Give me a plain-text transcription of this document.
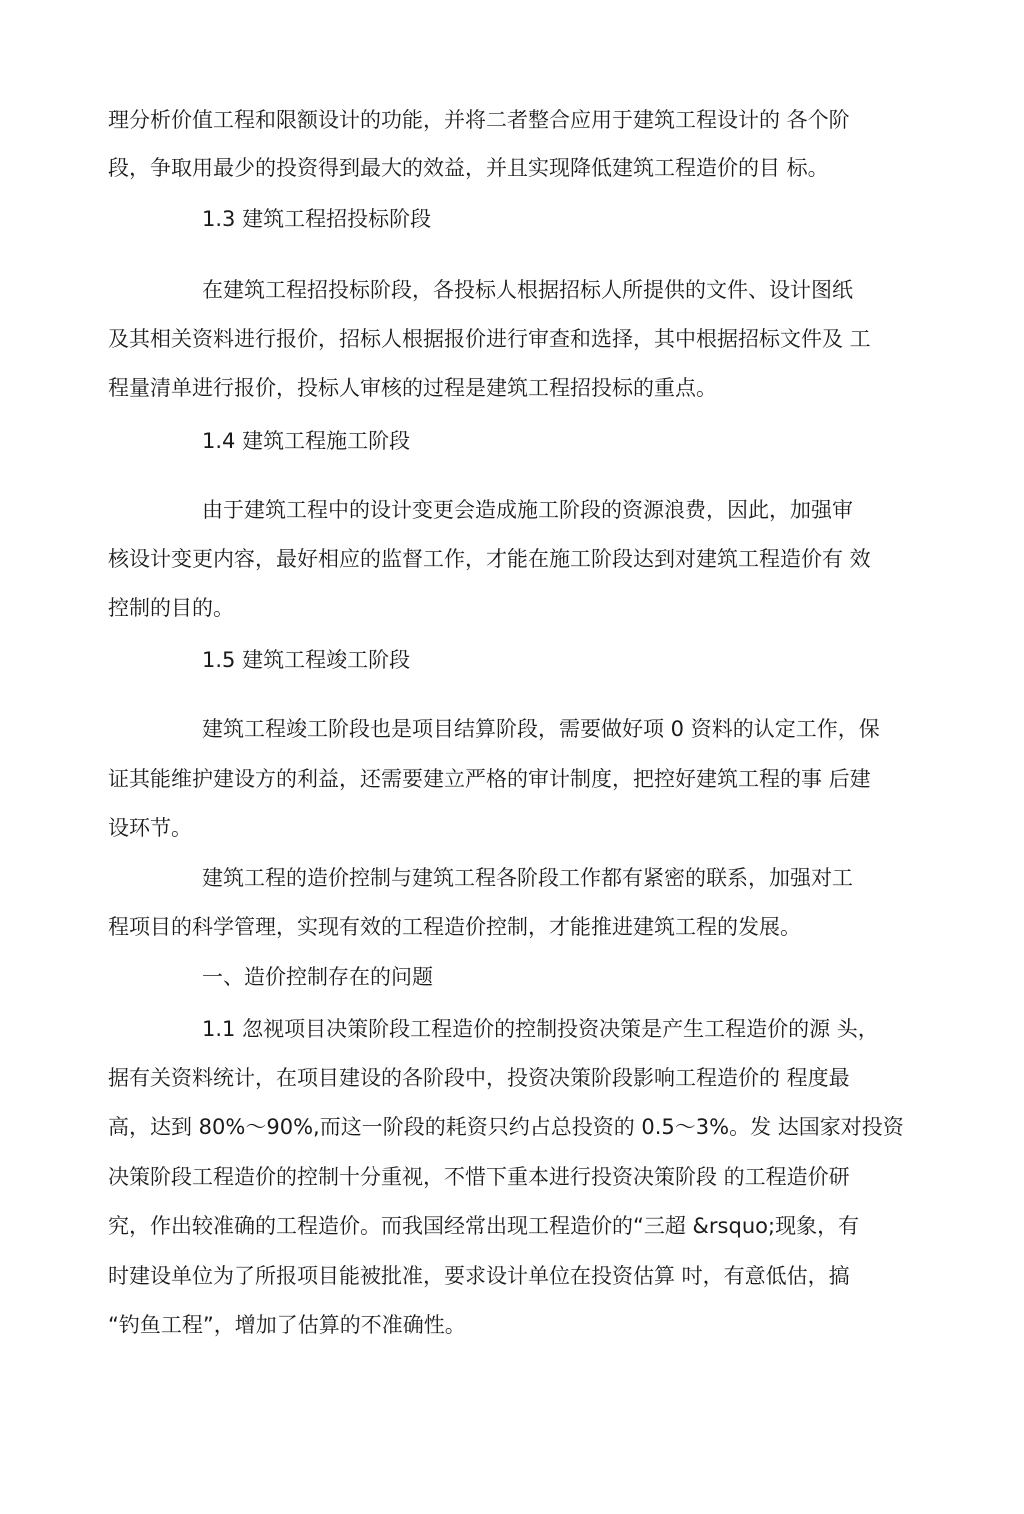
理分析价值工程和限额设计的功能，并将二者整合应用于建筑工程设计的 各个阶
段，争取用最少的投资得到最大的效益，并且实现降低建筑工程造价的目 标。
1.3 建筑工程招投标阶段
在建筑工程招投标阶段，各投标人根据招标人所提供的文件、设计图纸
及其相关资料进行报价，招标人根据报价进行审查和选择，其中根据招标文件及 工
程量清单进行报价，投标人审核的过程是建筑工程招投标的重点。
1.4 建筑工程施工阶段
由于建筑工程中的设计变更会造成施工阶段的资源浪费，因此，加强审
核设计变更内容，最好相应的监督工作，才能在施工阶段达到对建筑工程造价有 效
控制的目的。
1.5 建筑工程竣工阶段
建筑工程竣工阶段也是项目结算阶段，需要做好项 0 资料的认定工作，保
证其能维护建设方的利益，还需要建立严格的审计制度，把控好建筑工程的事 后建
设环节。
建筑工程的造价控制与建筑工程各阶段工作都有紧密的联系，加强对工
程项目的科学管理，实现有效的工程造价控制，才能推进建筑工程的发展。
一、造价控制存在的问题
1.1 忽视项目决策阶段工程造价的控制投资决策是产生工程造价的源 头，
据有关资料统计，在项目建设的各阶段中，投资决策阶段影响工程造价的 程度最
高，达到 80%～90%,而这一阶段的耗资只约占总投资的 0.5～3%。发 达国家对投资
决策阶段工程造价的控制十分重视，不惜下重本进行投资决策阶段 的工程造价研
究，作出较准确的工程造价。而我国经常出现工程造价的“三超 &rsquo;现象，有
时建设单位为了所报项目能被批准，要求设计单位在投资估算 吋，有意低估，搞
“钓鱼工程”，增加了估算的不准确性。
